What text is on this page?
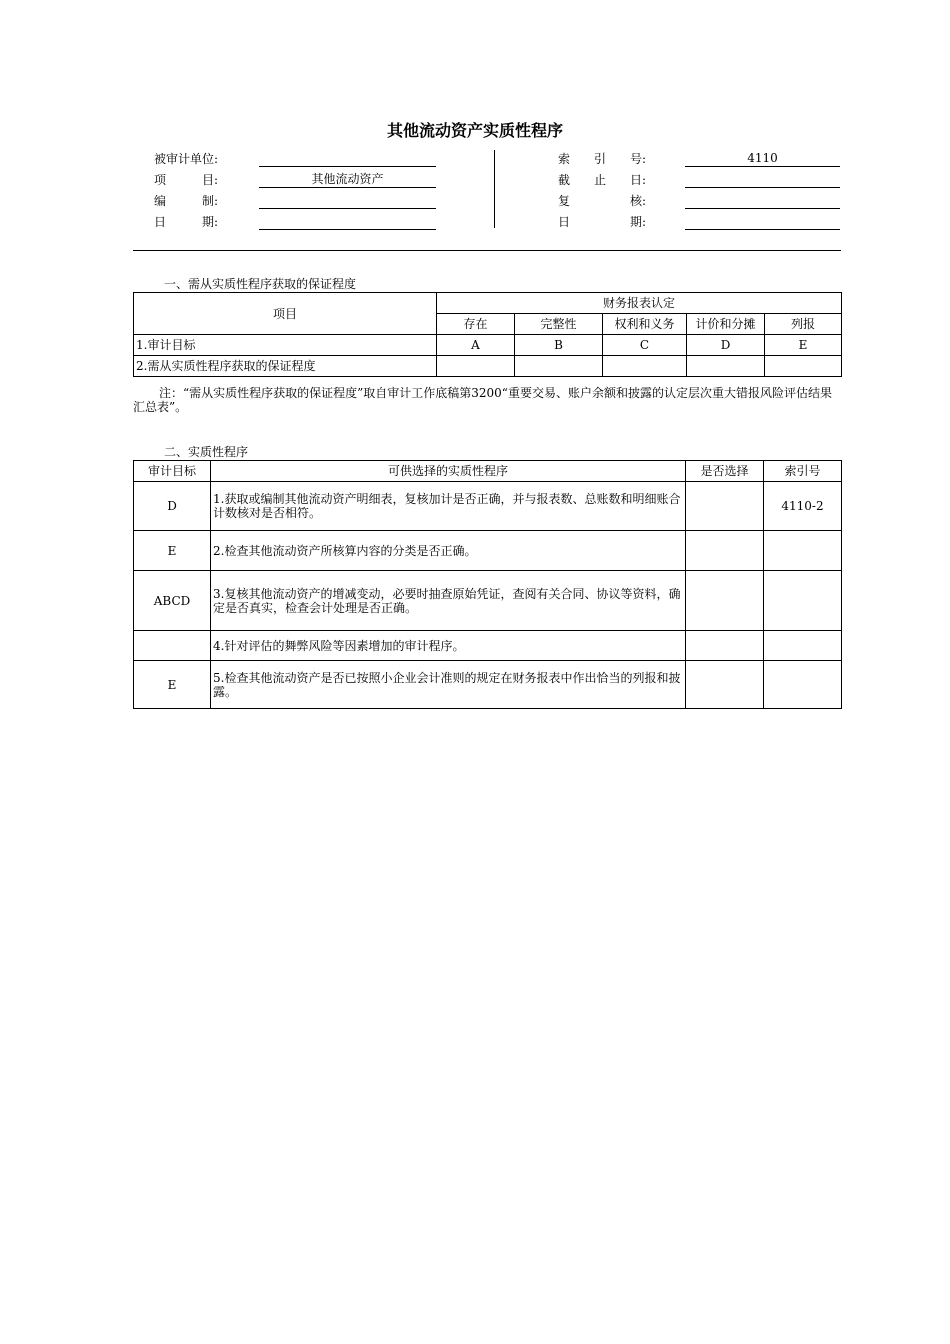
其他流动资产实质性程序
被审计单位:
项　　　目:	其他流动资产
编　　　制:
日　　　期:
索　　引　　号:	4110
截　　止　　日:
复　　　　　核:
日　　　　　期:
一、需从实质性程序获取的保证程度
项目	财务报表认定				
	存在	完整性	权利和义务	计价和分摊	列报
1.审计目标	A	B	C	D	E
2.需从实质性程序获取的保证程度					
注：“需从实质性程序获取的保证程度”取自审计工作底稿第3200“重要交易、账户余额和披露的认定层次重大错报风险评估结果汇总表”。
二、实质性程序
审计目标	可供选择的实质性程序	是否选择	索引号
D	1.获取或编制其他流动资产明细表，复核加计是否正确，并与报表数、总账数和明细账合计数核对是否相符。		4110-2
E	2.检查其他流动资产所核算内容的分类是否正确。		
ABCD	3.复核其他流动资产的增减变动，必要时抽查原始凭证，查阅有关合同、协议等资料，确定是否真实，检查会计处理是否正确。		
	4.针对评估的舞弊风险等因素增加的审计程序。		
E	5.检查其他流动资产是否已按照小企业会计准则的规定在财务报表中作出恰当的列报和披露。		
